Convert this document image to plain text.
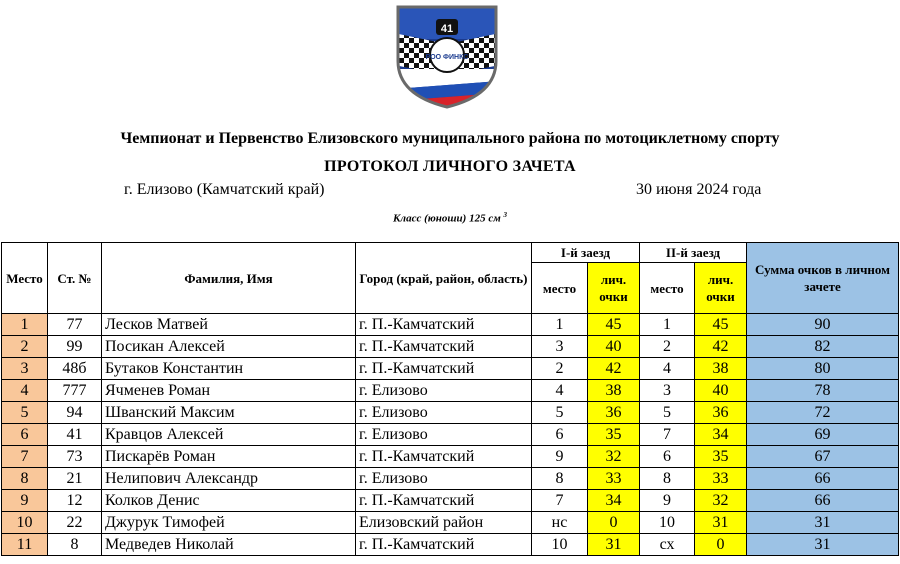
41
РОО ФИНКС
Чемпионат и Первенство Елизовского муниципального района по мотоциклетному спорту
ПРОТОКОЛ ЛИЧНОГО ЗАЧЕТА
г. Елизово (Камчатский край)	30 июня 2024 года
Класс (юноши) 125 см $^3$
Место	Ст. №	Фамилия, Имя	Город (край, район, область)	I-й заезд		II-й заезд		Сумма очков в личном зачете
				место	лич. очки	место	лич. очки	
1	77	Лесков Матвей	г. П.-Камчатский	1	45	1	45	90
2	99	Посикан Алексей	г. П.-Камчатский	3	40	2	42	82
3	48б	Бутаков Константин	г. П.-Камчатский	2	42	4	38	80
4	777	Ячменев Роман	г. Елизово	4	38	3	40	78
5	94	Шванский Максим	г. Елизово	5	36	5	36	72
6	41	Кравцов Алексей	г. Елизово	6	35	7	34	69
7	73	Пискарёв Роман	г. П.-Камчатский	9	32	6	35	67
8	21	Нелипович Александр	г. Елизово	8	33	8	33	66
9	12	Колков Денис	г. П.-Камчатский	7	34	9	32	66
10	22	Джурук Тимофей	Елизовский район	нс	0	10	31	31
11	8	Медведев Николай	г. П.-Камчатский	10	31	сх	0	31
